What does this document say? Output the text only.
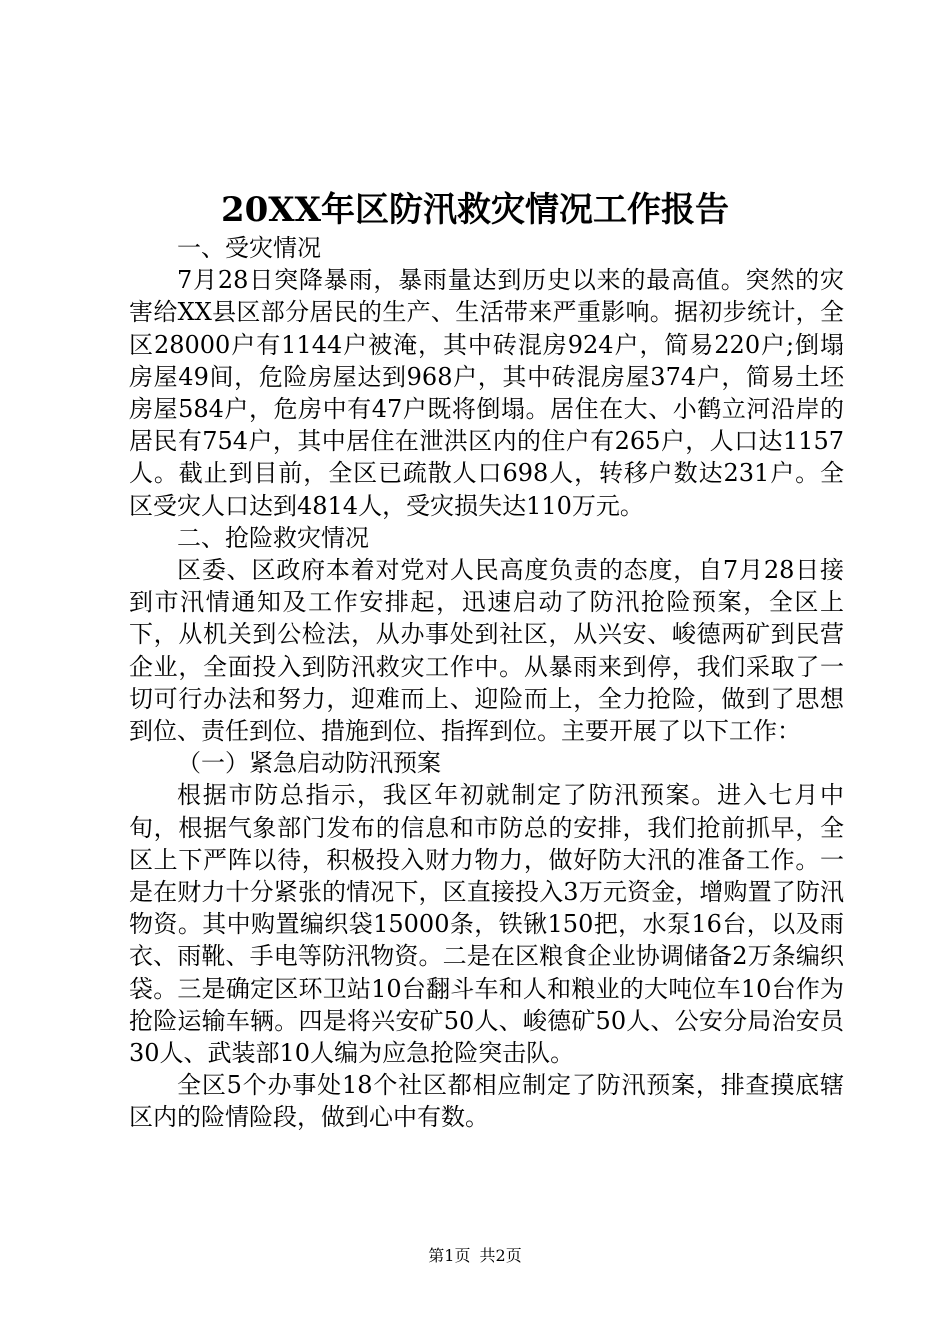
20XX年区防汛救灾情况工作报告

一、受灾情况

7月28日突降暴雨，暴雨量达到历史以来的最高值。突然的灾害给XX县区部分居民的生产、生活带来严重影响。据初步统计，全区28000户有1144户被淹，其中砖混房924户，简易220户;倒塌房屋49间，危险房屋达到968户，其中砖混房屋374户，简易土坯房屋584户，危房中有47户既将倒塌。居住在大、小鹤立河沿岸的居民有754户，其中居住在泄洪区内的住户有265户，人口达1157人。截止到目前，全区已疏散人口698人，转移户数达231户。全区受灾人口达到4814人，受灾损失达110万元。

二、抢险救灾情况

区委、区政府本着对党对人民高度负责的态度，自7月28日接到市汛情通知及工作安排起，迅速启动了防汛抢险预案，全区上下，从机关到公检法，从办事处到社区，从兴安、峻德两矿到民营企业，全面投入到防汛救灾工作中。从暴雨来到停，我们采取了一切可行办法和努力，迎难而上、迎险而上，全力抢险，做到了思想到位、责任到位、措施到位、指挥到位。主要开展了以下工作：

（一）紧急启动防汛预案

根据市防总指示，我区年初就制定了防汛预案。进入七月中旬，根据气象部门发布的信息和市防总的安排，我们抢前抓早，全区上下严阵以待，积极投入财力物力，做好防大汛的准备工作。一是在财力十分紧张的情况下，区直接投入3万元资金，增购置了防汛物资。其中购置编织袋15000条，铁锹150把，水泵16台，以及雨衣、雨靴、手电等防汛物资。二是在区粮食企业协调储备2万条编织袋。三是确定区环卫站10台翻斗车和人和粮业的大吨位车10台作为抢险运输车辆。四是将兴安矿50人、峻德矿50人、公安分局治安员30人、武装部10人编为应急抢险突击队。

全区5个办事处18个社区都相应制定了防汛预案，排查摸底辖区内的险情险段，做到心中有数。

第1页 共2页
